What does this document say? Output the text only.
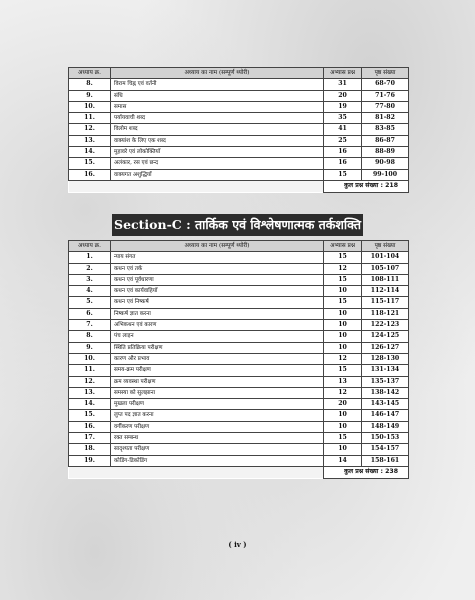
अध्याय क्र.	अध्याय का नाम (सम्पूर्ण थ्योरी)	अभ्यास प्रश्न	पृष्ठ संख्या
8.	विराम चिह्न एवं वर्तनी	31	68-70
9.	संधि	20	71-76
10.	समास	19	77-80
11.	पर्यायवाची शब्द	35	81-82
12.	विलोम शब्द	41	83-85
13.	वाक्यांश के लिए एक शब्द	25	86-87
14.	मुहावरे एवं लोकोक्तियाँ	16	88-89
15.	अलंकार, रस एवं छन्द	16	90-98
16.	वाक्यगत अशुद्धियाँ	15	99-100
		कुल प्रश्न संख्या : 218	
Section-C : तार्किक एवं विश्लेषणात्मक तर्कशक्ति
अध्याय क्र.	अध्याय का नाम (सम्पूर्ण थ्योरी)	अभ्यास प्रश्न	पृष्ठ संख्या
1.	न्याय संगत	15	101-104
2.	कथन एवं तर्क	12	105-107
3.	कथन एवं पूर्वधारणा	15	108-111
4.	कथन एवं कार्यवाहियाँ	10	112-114
5.	कथन एवं निष्कर्ष	15	115-117
6.	निष्कर्ष ज्ञात करना	10	118-121
7.	अभिकथन एवं कारण	10	122-123
8.	पंच लाइन	10	124-125
9.	स्थिति प्रतिक्रिया परीक्षण	10	126-127
10.	कारण और प्रभाव	12	128-130
11.	समय-क्रम परीक्षण	15	131-134
12.	क्रम व्यवस्था परीक्षण	13	135-137
13.	समस्या को सुलझाना	12	138-142
14.	मुखला परीक्षण	20	143-145
15.	लुप्त पद ज्ञात करना	10	146-147
16.	वर्गीकरण परीक्षण	10	148-149
17.	रक्त सम्बन्ध	15	150-153
18.	सादृश्यता परीक्षण	10	154-157
19.	कोडिंग-डिकोडिंग	14	158-161
		कुल प्रश्न संख्या : 238	
( iv )
